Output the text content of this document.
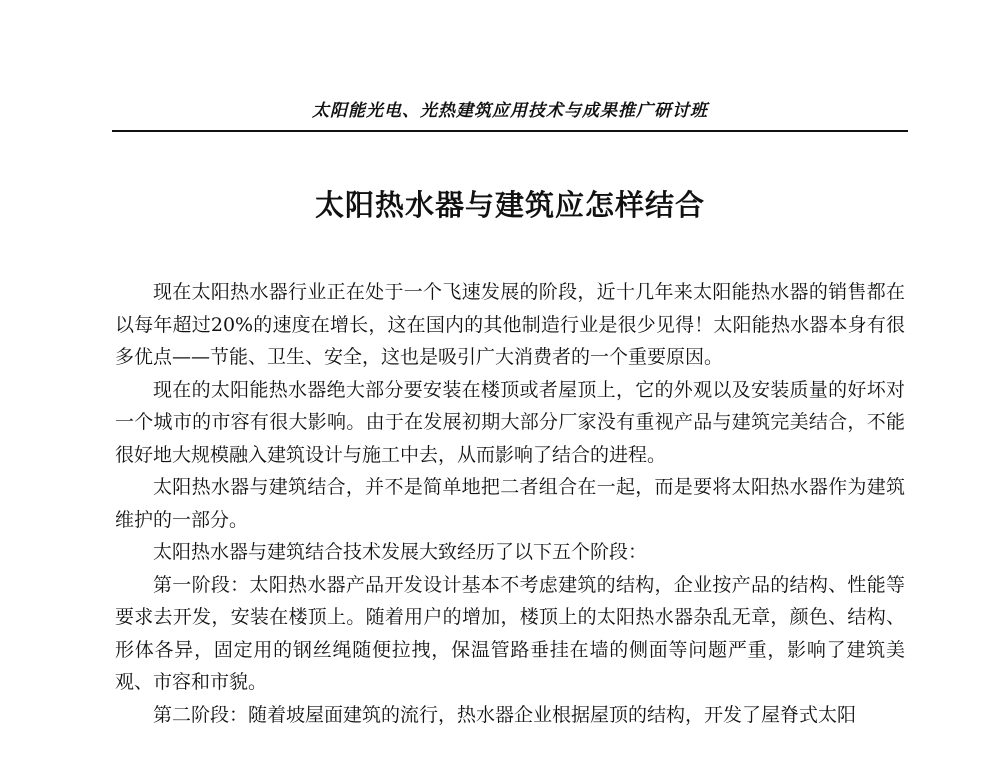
太阳能光电、光热建筑应用技术与成果推广研讨班
太阳热水器与建筑应怎样结合

现在太阳热水器行业正在处于一个飞速发展的阶段，近十几年来太阳能热水器的销售都在以每年超过20%的速度在增长，这在国内的其他制造行业是很少见得！太阳能热水器本身有很多优点——节能、卫生、安全，这也是吸引广大消费者的一个重要原因。

现在的太阳能热水器绝大部分要安装在楼顶或者屋顶上，它的外观以及安装质量的好坏对一个城市的市容有很大影响。由于在发展初期大部分厂家没有重视产品与建筑完美结合，不能很好地大规模融入建筑设计与施工中去，从而影响了结合的进程。

太阳热水器与建筑结合，并不是简单地把二者组合在一起，而是要将太阳热水器作为建筑维护的一部分。

太阳热水器与建筑结合技术发展大致经历了以下五个阶段：

第一阶段：太阳热水器产品开发设计基本不考虑建筑的结构，企业按产品的结构、性能等要求去开发，安装在楼顶上。随着用户的增加，楼顶上的太阳热水器杂乱无章，颜色、结构、形体各异，固定用的钢丝绳随便拉拽，保温管路垂挂在墙的侧面等问题严重，影响了建筑美观、市容和市貌。

第二阶段：随着坡屋面建筑的流行，热水器企业根据屋顶的结构，开发了屋脊式太阳
